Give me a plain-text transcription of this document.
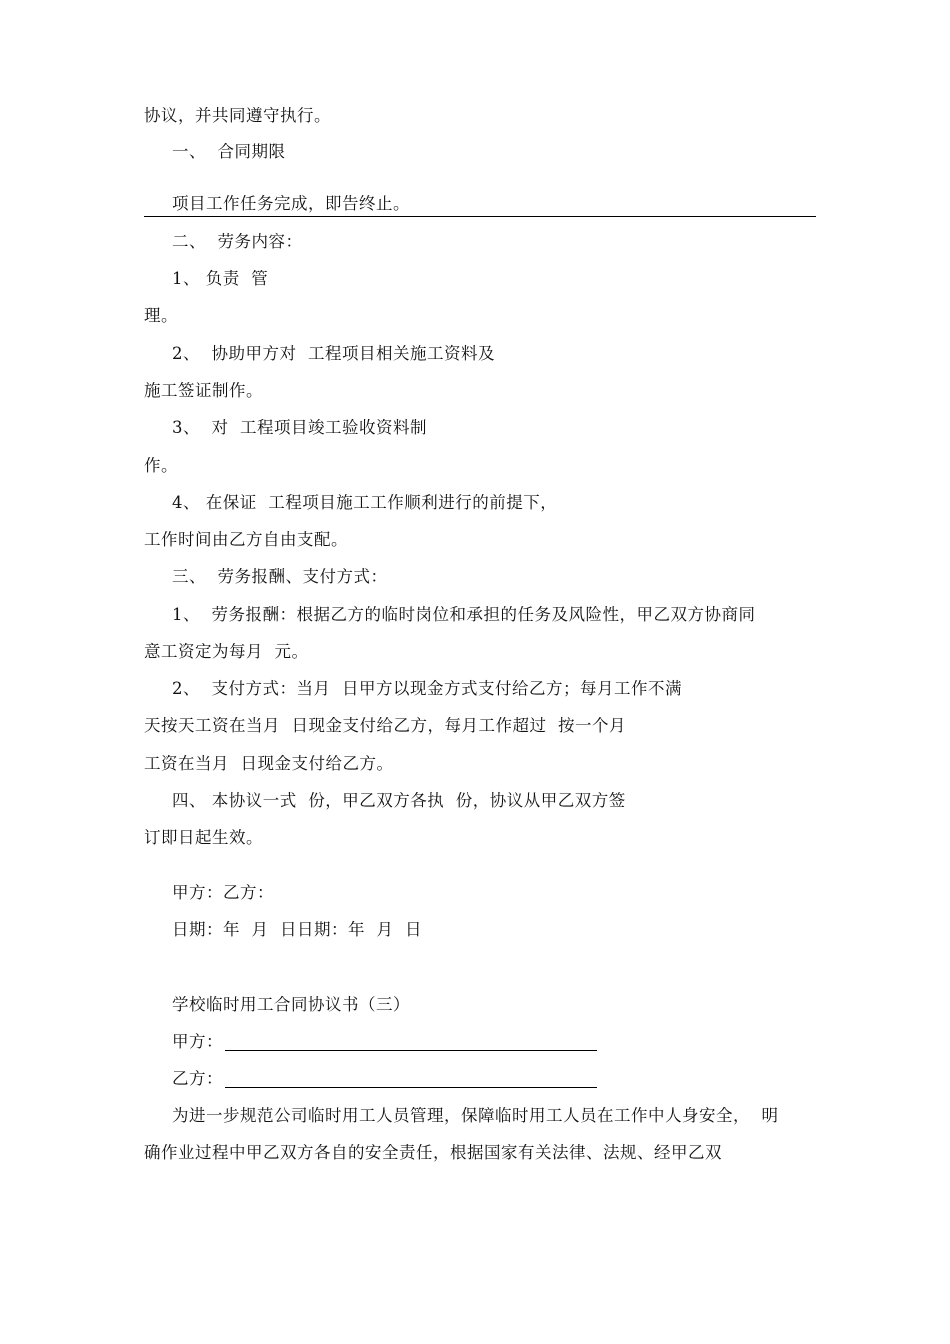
协议，并共同遵守执行。
一、  合同期限
项目工作任务完成，即告终止。
二、  劳务内容：
1、 负责  管
理。
2、  协助甲方对  工程项目相关施工资料及
施工签证制作。
3、  对  工程项目竣工验收资料制
作。
4、 在保证  工程项目施工工作顺利进行的前提下，
工作时间由乙方自由支配。
三、  劳务报酬、支付方式：
1、  劳务报酬：根据乙方的临时岗位和承担的任务及风险性，甲乙双方协商同
意工资定为每月  元。
2、  支付方式：当月  日甲方以现金方式支付给乙方；每月工作不满
天按天工资在当月  日现金支付给乙方，每月工作超过  按一个月
工资在当月  日现金支付给乙方。
四、 本协议一式  份，甲乙双方各执  份，协议从甲乙双方签
订即日起生效。
甲方：乙方：
日期：年  月  日日期：年  月  日
学校临时用工合同协议书（三）
甲方：
乙方：
为进一步规范公司临时用工人员管理，保障临时用工人员在工作中人身安全，  明
确作业过程中甲乙双方各自的安全责任，根据国家有关法律、法规、经甲乙双
